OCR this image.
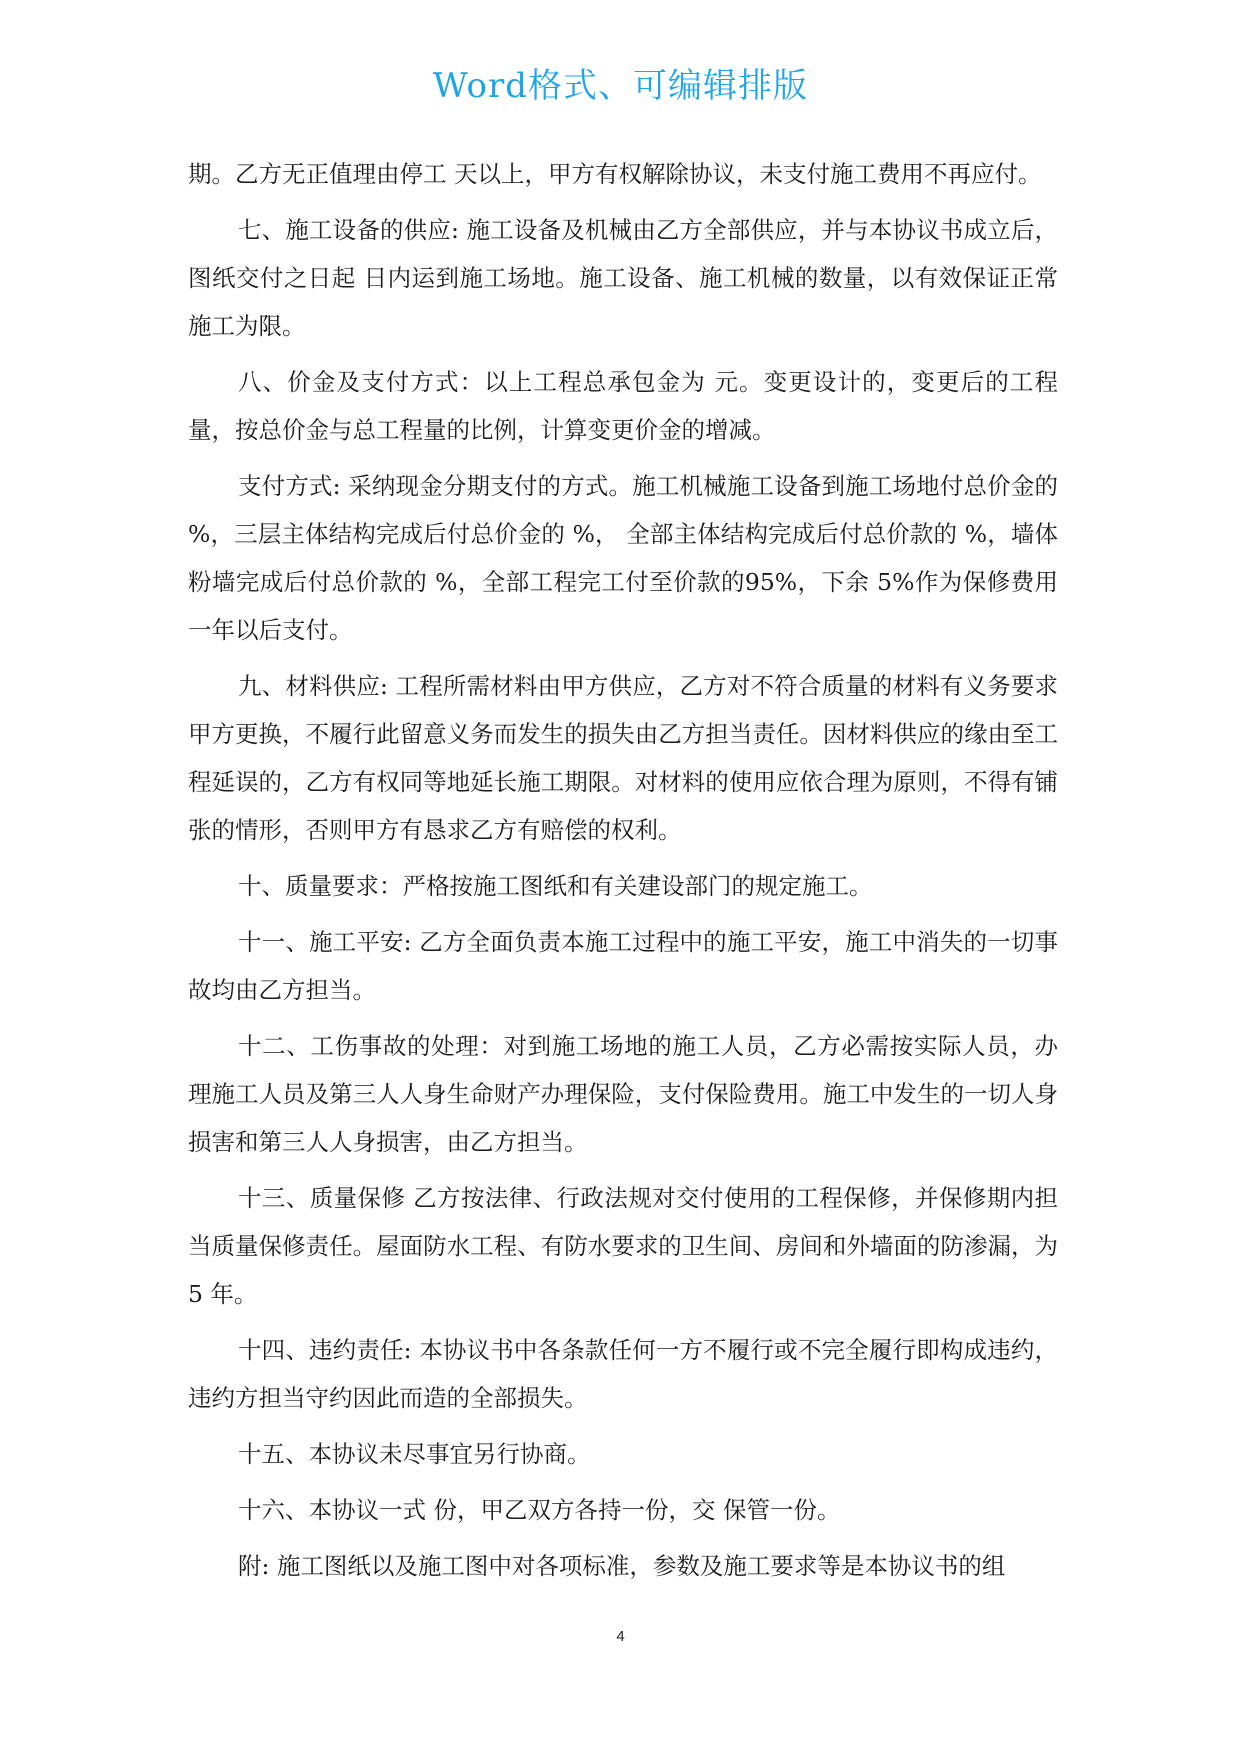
Word格式、可编辑排版

期。乙方无正值理由停工 天以上，甲方有权解除协议，未支付施工费用不再应付。

七、施工设备的供应: 施工设备及机械由乙方全部供应，并与本协议书成立后，图纸交付之日起 日内运到施工场地。施工设备、施工机械的数量，以有效保证正常施工为限。

八、价金及支付方式：以上工程总承包金为 元。变更设计的，变更后的工程量，按总价金与总工程量的比例，计算变更价金的增减。

支付方式: 采纳现金分期支付的方式。施工机械施工设备到施工场地付总价金的 %，三层主体结构完成后付总价金的 %， 全部主体结构完成后付总价款的 %，墙体粉墙完成后付总价款的 %，全部工程完工付至价款的95%，下余 5%作为保修费用一年以后支付。

九、材料供应: 工程所需材料由甲方供应，乙方对不符合质量的材料有义务要求甲方更换，不履行此留意义务而发生的损失由乙方担当责任。因材料供应的缘由至工程延误的，乙方有权同等地延长施工期限。对材料的使用应依合理为原则，不得有铺张的情形，否则甲方有恳求乙方有赔偿的权利。

十、质量要求：严格按施工图纸和有关建设部门的规定施工。

十一、施工平安: 乙方全面负责本施工过程中的施工平安，施工中消失的一切事故均由乙方担当。

十二、工伤事故的处理：对到施工场地的施工人员，乙方必需按实际人员，办理施工人员及第三人人身生命财产办理保险，支付保险费用。施工中发生的一切人身损害和第三人人身损害，由乙方担当。

十三、质量保修 乙方按法律、行政法规对交付使用的工程保修，并保修期内担当质量保修责任。屋面防水工程、有防水要求的卫生间、房间和外墙面的防渗漏，为 5 年。

十四、违约责任: 本协议书中各条款任何一方不履行或不完全履行即构成违约，违约方担当守约因此而造的全部损失。

十五、本协议未尽事宜另行协商。

十六、本协议一式 份，甲乙双方各持一份，交 保管一份。

附: 施工图纸以及施工图中对各项标准，参数及施工要求等是本协议书的组

4
